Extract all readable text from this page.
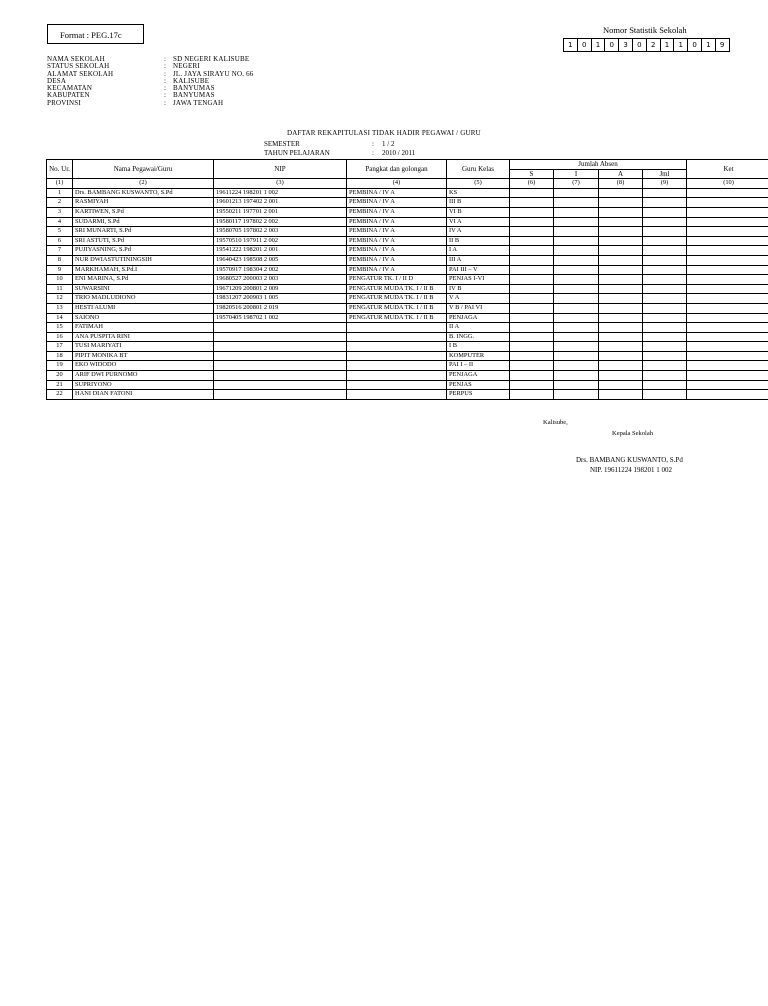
Format : PEG.17c	Nomor Statistik Sekolah
1	0	1	0	3	0	2	1	1	0	1	9
NAMA SEKOLAH	: SD NEGERI KALISUBE
STATUS SEKOLAH	: NEGERI
ALAMAT SEKOLAH	: JL. JAYA SIRAYU NO. 66
DESA	: KALISUBE
KECAMATAN	: BANYUMAS
KABUPATEN	: BANYUMAS
PROVINSI	: JAWA TENGAH
DAFTAR REKAPITULASI TIDAK HADIR PEGAWAI / GURU
SEMESTER	:	1 / 2
TAHUN PELAJARAN	:	2010 / 2011
No. Ur.	Nama Pegawai/Guru	NIP	Pangkat dan golongan	Guru Kelas	Jumlah Absen				Ket
					S	I	A	Jml	
(1)	(2)	(3)	(4)	(5)	(6)	(7)	(8)	(9)	(10)
1	Drs. BAMBANG KUSWANTO, S.Pd	19611224 198201 1 002	PEMBINA / IV A	KS					
2	RASMIYAH	19601213 197402 2 001	PEMBINA / IV A	III B					
3	KARTIWEN, S.Pd	19550211 197701 2 001	PEMBINA / IV A	VI B					
4	SUDARMI, S.Pd	19580117 197802 2 002	PEMBINA / IV A	VI A					
5	SRI MUNARTI, S.Pd	19580705 197802 2 003	PEMBINA / IV A	IV A					
6	SRI ASTUTI, S.Pd	19570510 197911 2 002	PEMBINA / IV A	II B					
7	PUJIYASNING, S.Pd	19541222 198201 2 001	PEMBINA / IV A	I A					
8	NUR DWIASTUTININGSIH	19640423 198508 2 005	PEMBINA / IV A	III A					
9	MARKHAMAH, S.Pd.I	19570917 198304 2 002	PEMBINA / IV A	PAI III – V					
10	ENI MARINA, S.Pd	19680527 200003 2 003	PENGATUR TK. I / II D	PENJAS I-VI					
11	SUWARSINI	19671209 200801 2 009	PENGATUR MUDA TK. I / II B	IV B					
12	TRIO MADLUDIONO	19831207 200903 1 005	PENGATUR MUDA TK. I / II B	V A					
13	HESTI ALUMI	19820516 200801 2 019	PENGATUR MUDA TK. I / II B	V B / PAI VI					
14	SAIONO	19570405 198702 1 002	PENGATUR MUDA TK. I / II B	PENJAGA					
15	FATIMAH			II A					
16	ANA PUSPITA RINI			B. INGG.					
17	TUSI MARIYATI			I B					
18	PIPIT MONIKA BT			KOMPUTER					
19	EKO WIDODO			PAI I – II					
20	ARIF DWI PURNOMO			PENJAGA					
21	SUPRIYONO			PENJAS					
22	HANI DIAN FATONI			PERPUS					
Kalisube,
Kepala Sekolah
Drs. BAMBANG KUSWANTO, S.Pd
NIP. 19611224 198201 1 002
